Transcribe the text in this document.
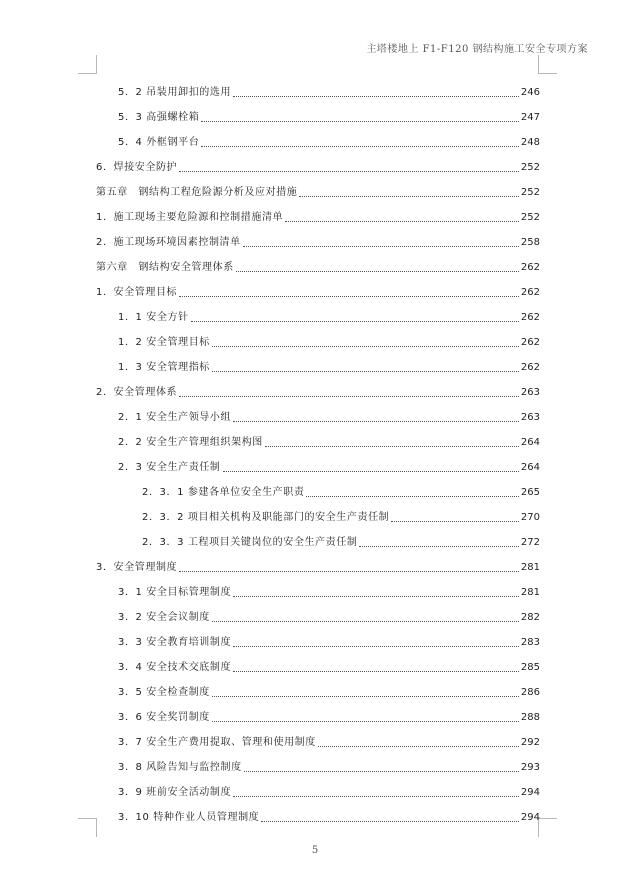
主塔楼地上 F1-F120 钢结构施工安全专项方案
5．2 吊装用卸扣的选用	246
5．3 高强螺栓箱	247
5．4 外框钢平台	248
6．焊接安全防护	252
第五章　钢结构工程危险源分析及应对措施	252
1．施工现场主要危险源和控制措施清单	252
2．施工现场环境因素控制清单	258
第六章　钢结构安全管理体系	262
1．安全管理目标	262
1．1 安全方针	262
1．2 安全管理目标	262
1．3 安全管理指标	262
2．安全管理体系	263
2．1 安全生产领导小组	263
2．2 安全生产管理组织架构图	264
2．3 安全生产责任制	264
2．3．1 参建各单位安全生产职责	265
2．3．2 项目相关机构及职能部门的安全生产责任制	270
2．3．3 工程项目关键岗位的安全生产责任制	272
3．安全管理制度	281
3．1 安全目标管理制度	281
3．2 安全会议制度	282
3．3 安全教育培训制度	283
3．4 安全技术交底制度	285
3．5 安全检查制度	286
3．6 安全奖罚制度	288
3．7 安全生产费用提取、管理和使用制度	292
3．8 风险告知与监控制度	293
3．9 班前安全活动制度	294
3．10 特种作业人员管理制度	294
5
